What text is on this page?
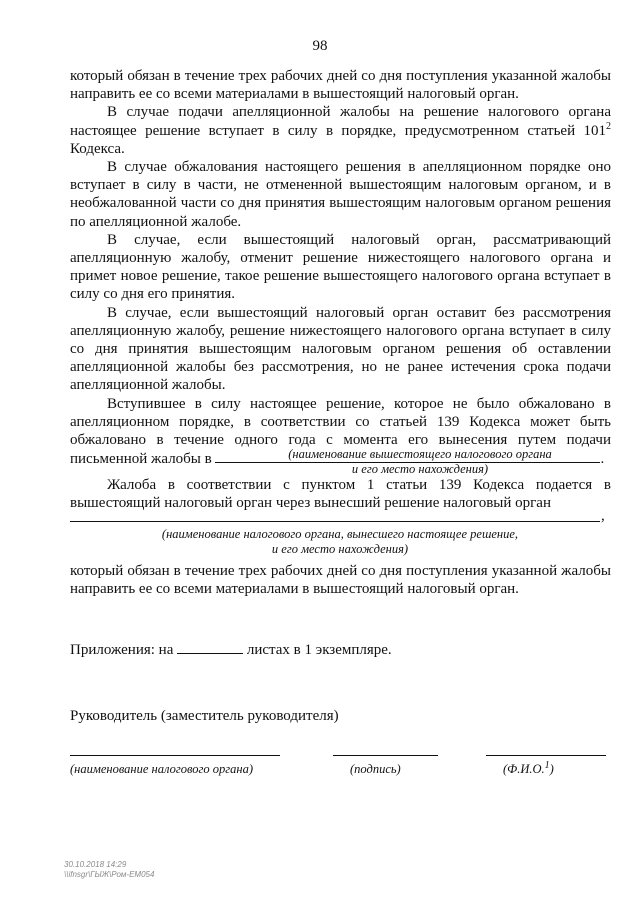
98

который обязан в течение трех рабочих дней со дня поступления указанной жалобы направить ее со всеми материалами в вышестоящий налоговый орган.

В случае подачи апелляционной жалобы на решение налогового органа настоящее решение вступает в силу в порядке, предусмотренном статьей $101^2$ Кодекса.

В случае обжалования настоящего решения в апелляционном порядке оно вступает в силу в части, не отмененной вышестоящим налоговым органом, и в необжалованной части со дня принятия вышестоящим налоговым органом решения по апелляционной жалобе.

В случае, если вышестоящий налоговый орган, рассматривающий апелляционную жалобу, отменит решение нижестоящего налогового органа и примет новое решение, такое решение вышестоящего налогового органа вступает в силу со дня его принятия.

В случае, если вышестоящий налоговый орган оставит без рассмотрения апелляционную жалобу, решение нижестоящего налогового органа вступает в силу со дня принятия вышестоящим налоговым органом решения об оставлении апелляционной жалобы без рассмотрения, но не ранее истечения срока подачи апелляционной жалобы.

Вступившее в силу настоящее решение, которое не было обжаловано в апелляционном порядке, в соответствии со статьей 139 Кодекса может быть обжаловано в течение одного года с момента его вынесения путем подачи письменной жалобы в	.

(наименование вышестоящего налогового органа
и его место нахождения)

Жалоба в соответствии с пунктом 1 статьи 139 Кодекса подается в вышестоящий налоговый орган через вынесший решение налоговый орган

,
(наименование налогового органа, вынесшего настоящее решение,
и его место нахождения)

который обязан в течение трех рабочих дней со дня поступления указанной жалобы направить ее со всеми материалами в вышестоящий налоговый орган.

Приложения: на	листах в 1 экземпляре.
Руководитель (заместитель руководителя)
(наименование налогового органа)	(подпись)	(Ф.И.О.$^1$)
30.10.2018 14:29
\\ifnsgr\ГЫЖ\Ром-ЕМ054
